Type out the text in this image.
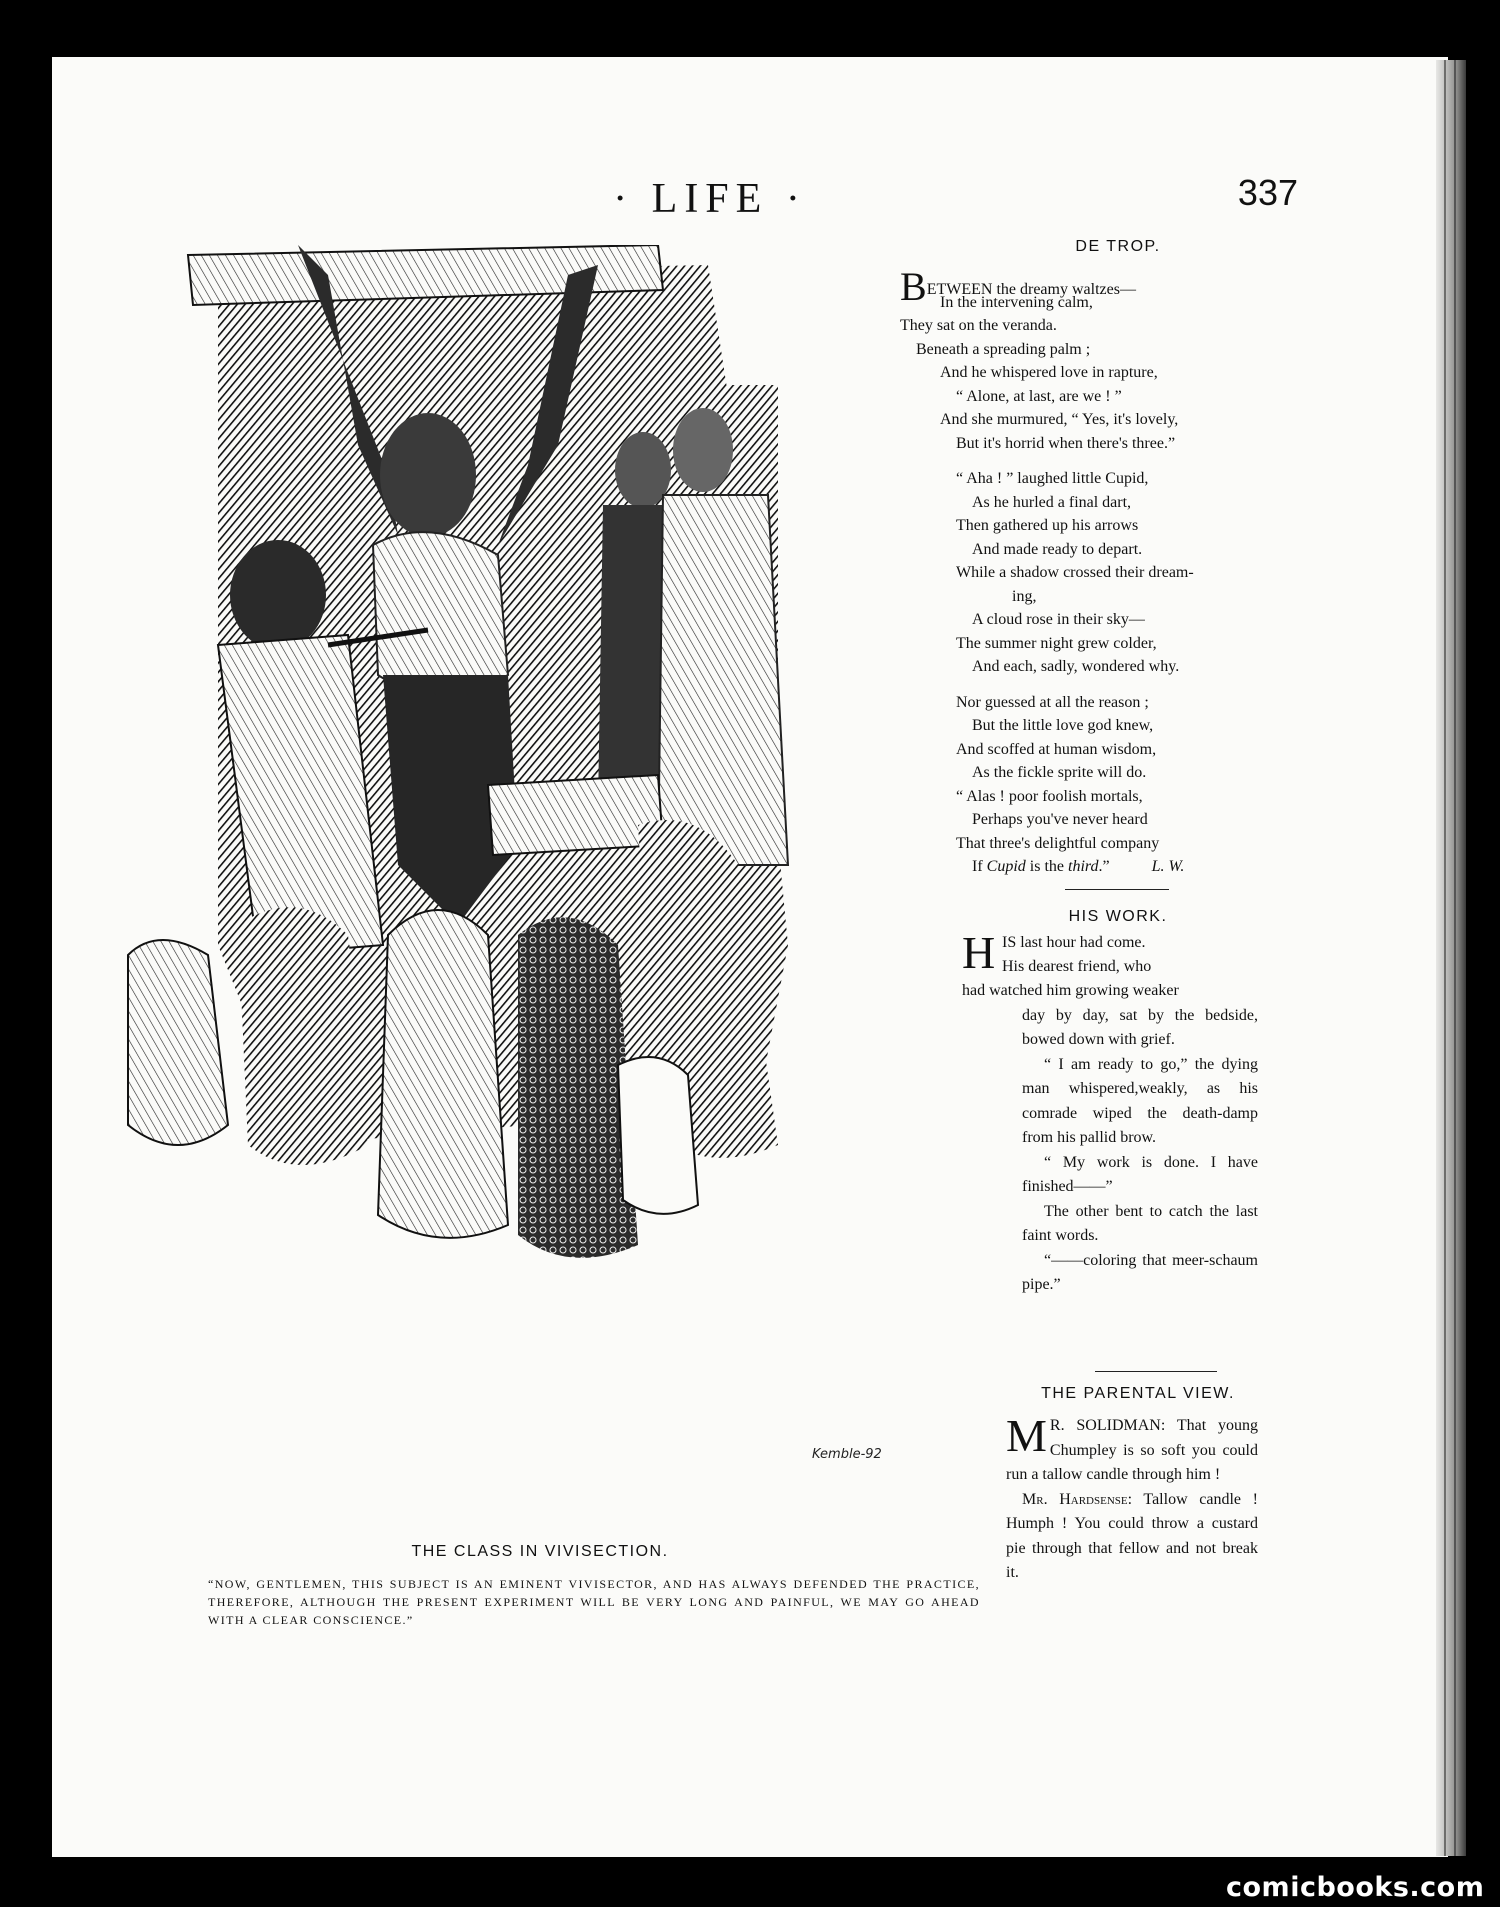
· LIFE ·	337
Kemble-92
THE CLASS IN VIVISECTION.
“NOW, GENTLEMEN, THIS SUBJECT IS AN EMINENT VIVISECTOR, AND HAS ALWAYS DEFENDED THE PRACTICE, THEREFORE, ALTHOUGH THE PRESENT EXPERIMENT WILL BE VERY LONG AND PAINFUL, WE MAY GO AHEAD WITH A CLEAR CONSCIENCE.”
DE TROP.
BETWEEN the dreamy waltzes—
In the intervening calm,
They sat on the veranda.
Beneath a spreading palm ;
And he whispered love in rapture,
“ Alone, at last, are we ! ”
And she murmured, “ Yes, it's lovely,
But it's horrid when there's three.”
“ Aha ! ” laughed little Cupid,
As he hurled a final dart,
Then gathered up his arrows
And made ready to depart.
While a shadow crossed their dream-
ing,
A cloud rose in their sky—
The summer night grew colder,
And each, sadly, wondered why.
Nor guessed at all the reason ;
But the little love god knew,
And scoffed at human wisdom,
As the fickle sprite will do.
“ Alas ! poor foolish mortals,
Perhaps you've never heard
That three's delightful company
If Cupid is the third.”	L. W.
HIS WORK.
HIS last hour had come.
His dearest friend, who
had watched him growing weaker
day by day, sat by the bedside, bowed down with grief.
“ I am ready to go,” the dying man whispered,weakly, as his comrade wiped the death-damp from his pallid brow.
“ My work is done. I have finished——”
The other bent to catch the last faint words.
“——coloring that meer-schaum pipe.”
THE PARENTAL VIEW.
M R. SOLIDMAN: That young Chumpley is so soft you could run a tallow candle through him !
Mr. Hardsense: Tallow candle ! Humph ! You could throw a custard pie through that fellow and not break it.
comicbooks.com
